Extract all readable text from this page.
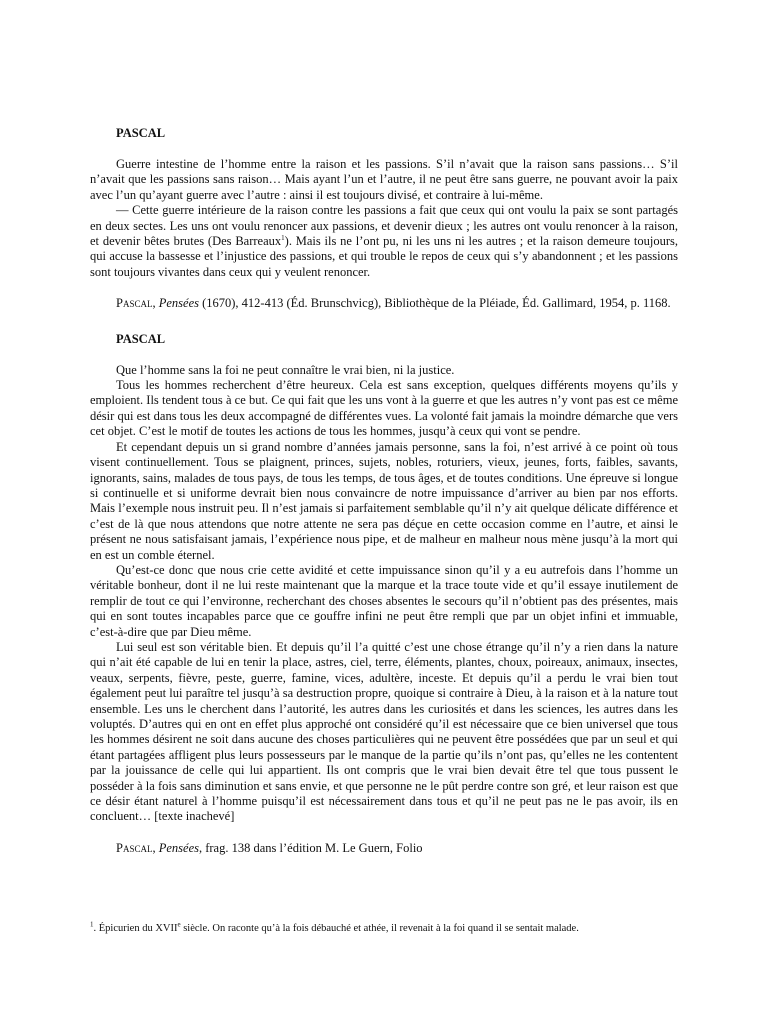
PASCAL

Guerre intestine de l’homme entre la raison et les passions. S’il n’avait que la raison sans passions… S’il n’avait que les passions sans raison… Mais ayant l’un et l’autre, il ne peut être sans guerre, ne pouvant avoir la paix avec l’un qu’ayant guerre avec l’autre : ainsi il est toujours divisé, et contraire à lui-même.

— Cette guerre intérieure de la raison contre les passions a fait que ceux qui ont voulu la paix se sont partagés en deux sectes. Les uns ont voulu renoncer aux passions, et devenir dieux ; les autres ont voulu renoncer à la raison, et devenir bêtes brutes (Des Barreaux$^1$). Mais ils ne l’ont pu, ni les uns ni les autres ; et la raison demeure toujours, qui accuse la bassesse et l’injustice des passions, et qui trouble le repos de ceux qui s’y abandonnent ; et les passions sont toujours vivantes dans ceux qui y veulent renoncer.

Pascal, Pensées (1670), 412-413 (Éd. Brunschvicg), Bibliothèque de la Pléiade, Éd. Gallimard, 1954, p. 1168.

PASCAL

Que l’homme sans la foi ne peut connaître le vrai bien, ni la justice.

Tous les hommes recherchent d’être heureux. Cela est sans exception, quelques différents moyens qu’ils y emploient. Ils tendent tous à ce but. Ce qui fait que les uns vont à la guerre et que les autres n’y vont pas est ce même désir qui est dans tous les deux accompagné de différentes vues. La volonté fait jamais la moindre démarche que vers cet objet. C’est le motif de toutes les actions de tous les hommes, jusqu’à ceux qui vont se pendre.

Et cependant depuis un si grand nombre d’années jamais personne, sans la foi, n’est arrivé à ce point où tous visent continuellement. Tous se plaignent, princes, sujets, nobles, roturiers, vieux, jeunes, forts, faibles, savants, ignorants, sains, malades de tous pays, de tous les temps, de tous âges, et de toutes conditions. Une épreuve si longue si continuelle et si uniforme devrait bien nous convaincre de notre impuissance d’arriver au bien par nos efforts. Mais l’exemple nous instruit peu. Il n’est jamais si parfaitement semblable qu’il n’y ait quelque délicate différence et c’est de là que nous attendons que notre attente ne sera pas déçue en cette occasion comme en l’autre, et ainsi le présent ne nous satisfaisant jamais, l’expérience nous pipe, et de malheur en malheur nous mène jusqu’à la mort qui en est un comble éternel.

Qu’est-ce donc que nous crie cette avidité et cette impuissance sinon qu’il y a eu autrefois dans l’homme un véritable bonheur, dont il ne lui reste maintenant que la marque et la trace toute vide et qu’il essaye inutilement de remplir de tout ce qui l’environne, recherchant des choses absentes le secours qu’il n’obtient pas des présentes, mais qui en sont toutes incapables parce que ce gouffre infini ne peut être rempli que par un objet infini et immuable, c’est-à-dire que par Dieu même.

Lui seul est son véritable bien. Et depuis qu’il l’a quitté c’est une chose étrange qu’il n’y a rien dans la nature qui n’ait été capable de lui en tenir la place, astres, ciel, terre, éléments, plantes, choux, poireaux, animaux, insectes, veaux, serpents, fièvre, peste, guerre, famine, vices, adultère, inceste. Et depuis qu’il a perdu le vrai bien tout également peut lui paraître tel jusqu’à sa destruction propre, quoique si contraire à Dieu, à la raison et à la nature tout ensemble. Les uns le cherchent dans l’autorité, les autres dans les curiosités et dans les sciences, les autres dans les voluptés. D’autres qui en ont en effet plus approché ont considéré qu’il est nécessaire que ce bien universel que tous les hommes désirent ne soit dans aucune des choses particulières qui ne peuvent être possédées que par un seul et qui étant partagées affligent plus leurs possesseurs par le manque de la partie qu’ils n’ont pas, qu’elles ne les contentent par la jouissance de celle qui lui appartient. Ils ont compris que le vrai bien devait être tel que tous pussent le posséder à la fois sans diminution et sans envie, et que personne ne le pût perdre contre son gré, et leur raison est que ce désir étant naturel à l’homme puisqu’il est nécessairement dans tous et qu’il ne peut pas ne le pas avoir, ils en concluent… [texte inachevé]

Pascal, Pensées, frag. 138 dans l’édition M. Le Guern, Folio

$^1$. Épicurien du XVIIe siècle. On raconte qu’à la fois débauché et athée, il revenait à la foi quand il se sentait malade.
